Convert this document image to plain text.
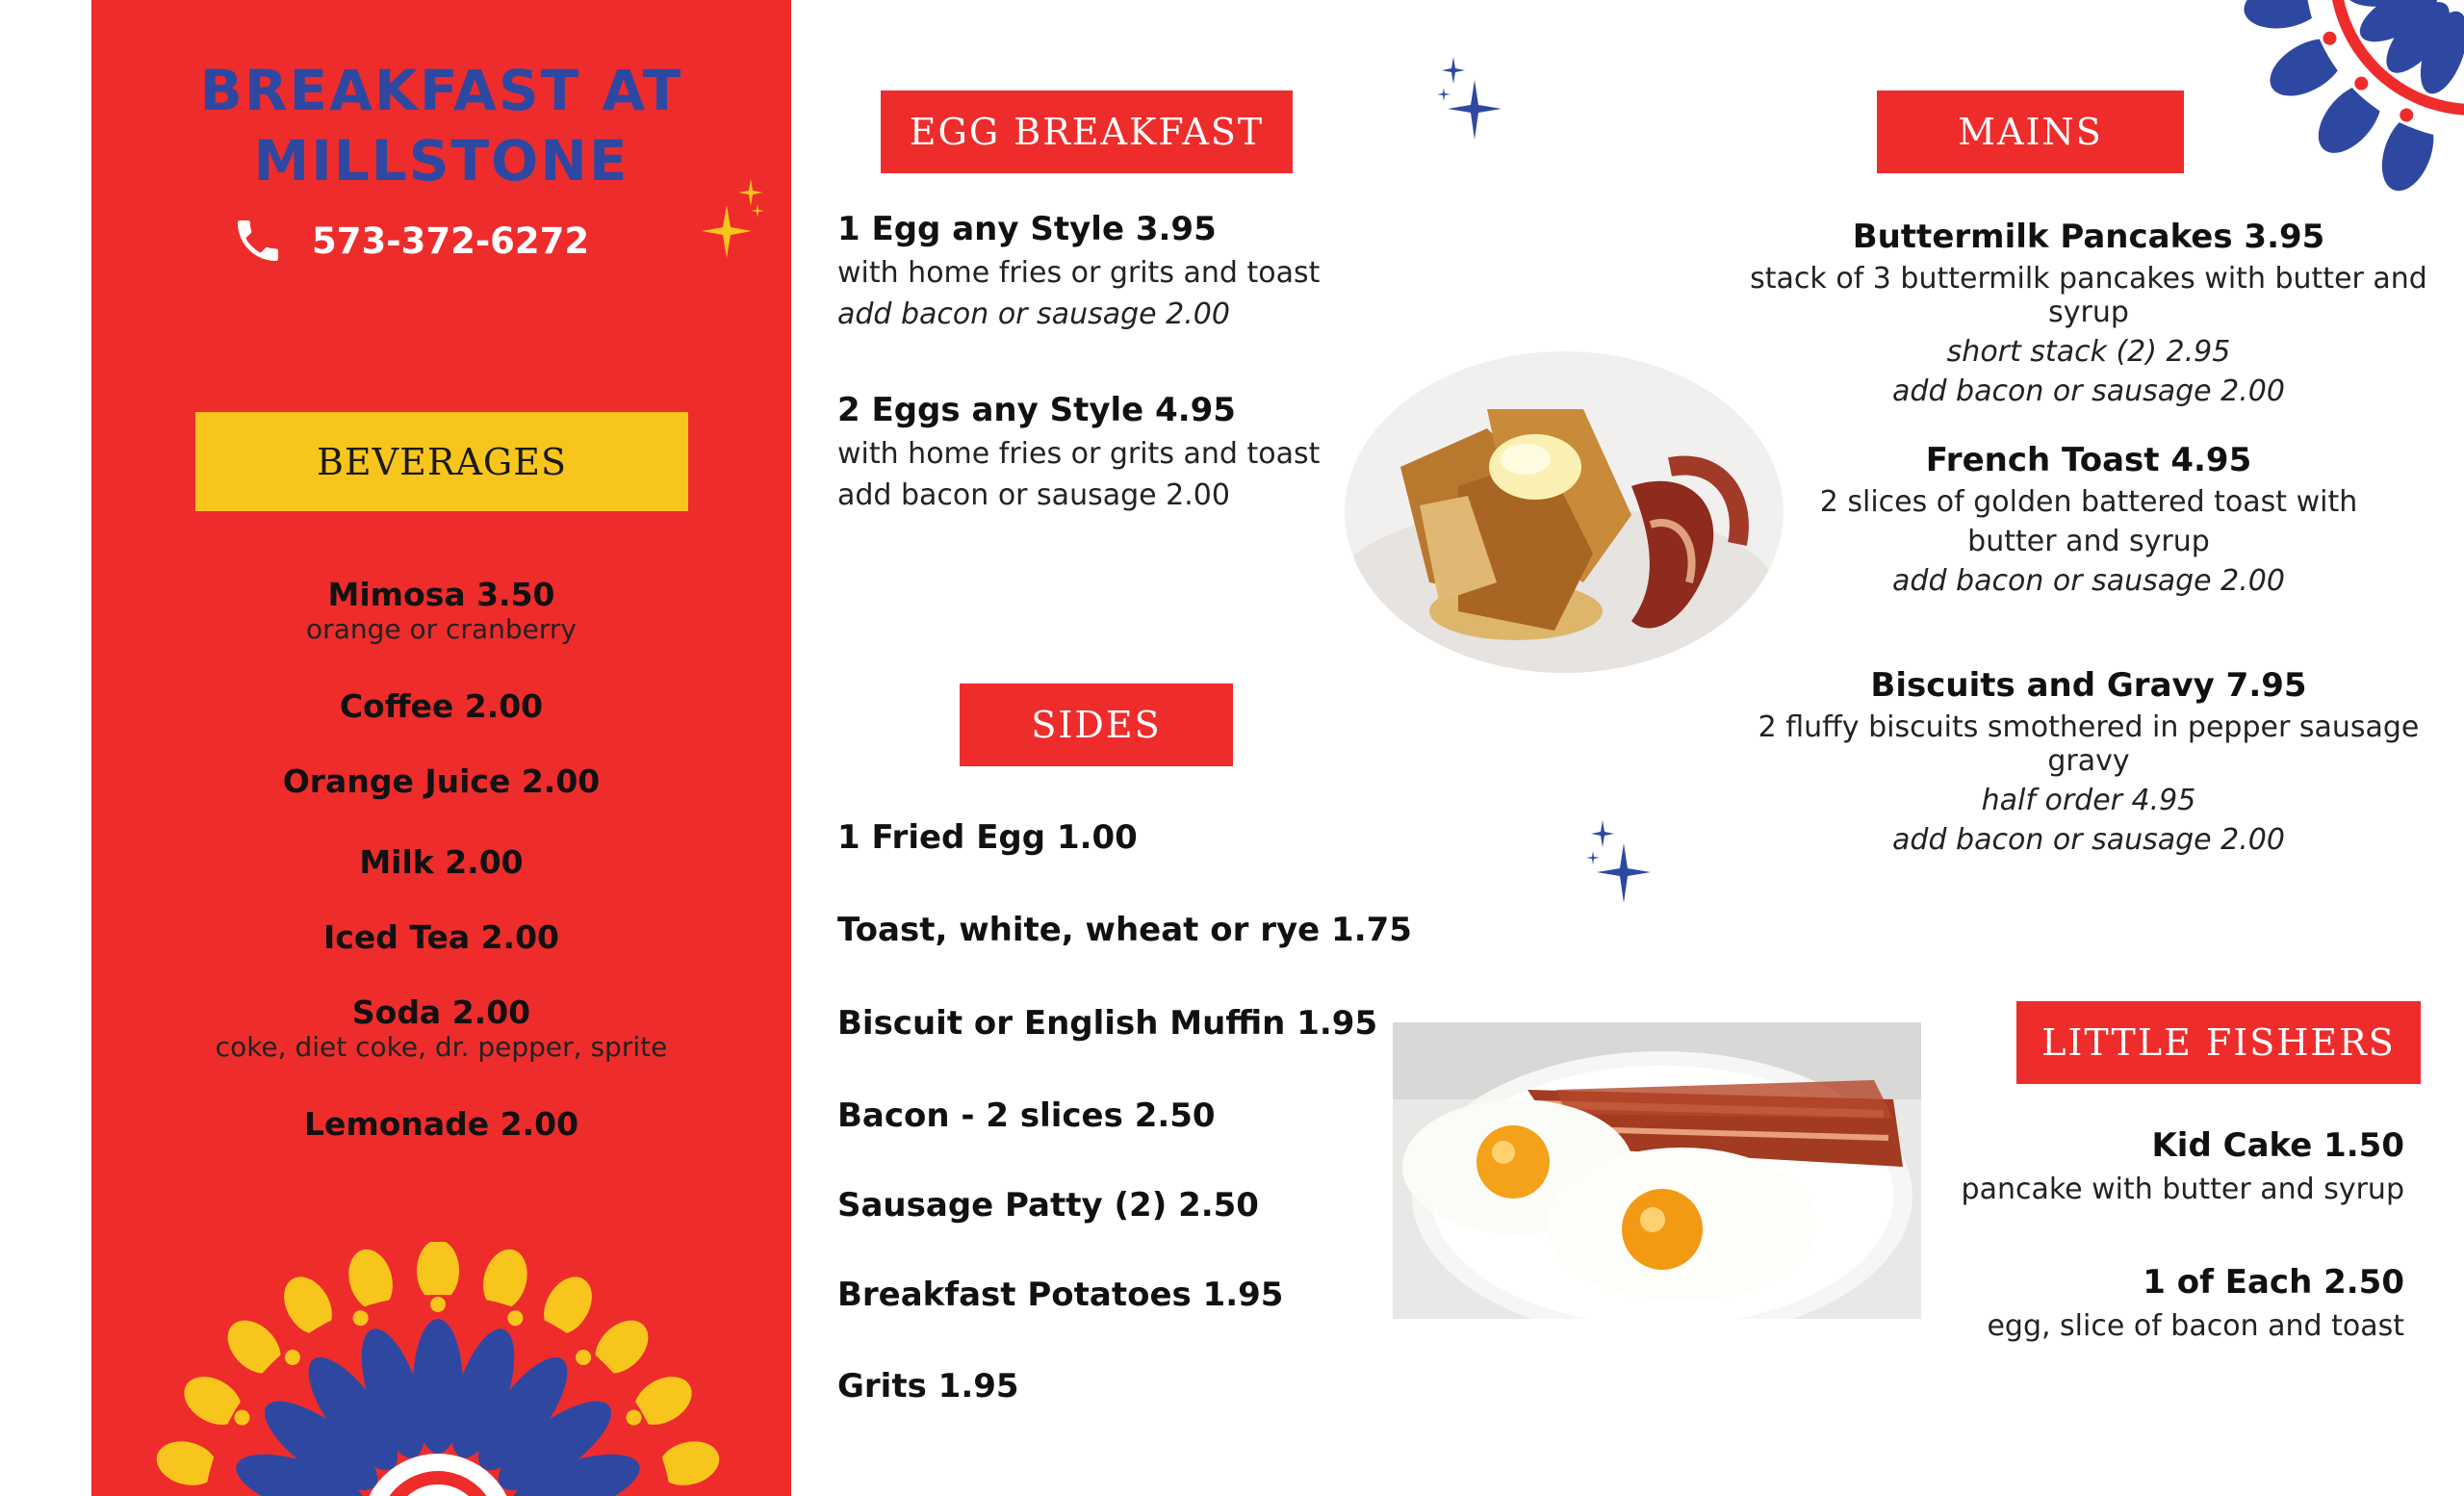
BREAKFAST AT
MILLSTONE
573-372-6272
BEVERAGES
Mimosa 3.50
orange or cranberry
Coffee 2.00
Orange Juice 2.00
Milk 2.00
Iced Tea 2.00
Soda 2.00
coke, diet coke, dr. pepper, sprite
Lemonade 2.00
EGG BREAKFAST
1 Egg any Style 3.95
with home fries or grits and toast
add bacon or sausage 2.00
2 Eggs any Style 4.95
with home fries or grits and toast
add bacon or sausage 2.00
SIDES
1 Fried Egg 1.00
Toast, white, wheat or rye 1.75
Biscuit or English Muffin 1.95
Bacon - 2 slices 2.50
Sausage Patty (2) 2.50
Breakfast Potatoes 1.95
Grits 1.95
MAINS
Buttermilk Pancakes 3.95
stack of 3 buttermilk pancakes with butter and syrup
short stack (2) 2.95
add bacon or sausage 2.00
French Toast 4.95
2 slices of golden battered toast with
butter and syrup
add bacon or sausage 2.00
Biscuits and Gravy 7.95
2 fluffy biscuits smothered in pepper sausage gravy
half order 4.95
add bacon or sausage 2.00
LITTLE FISHERS
Kid Cake 1.50
pancake with butter and syrup
1 of Each 2.50
egg, slice of bacon and toast
